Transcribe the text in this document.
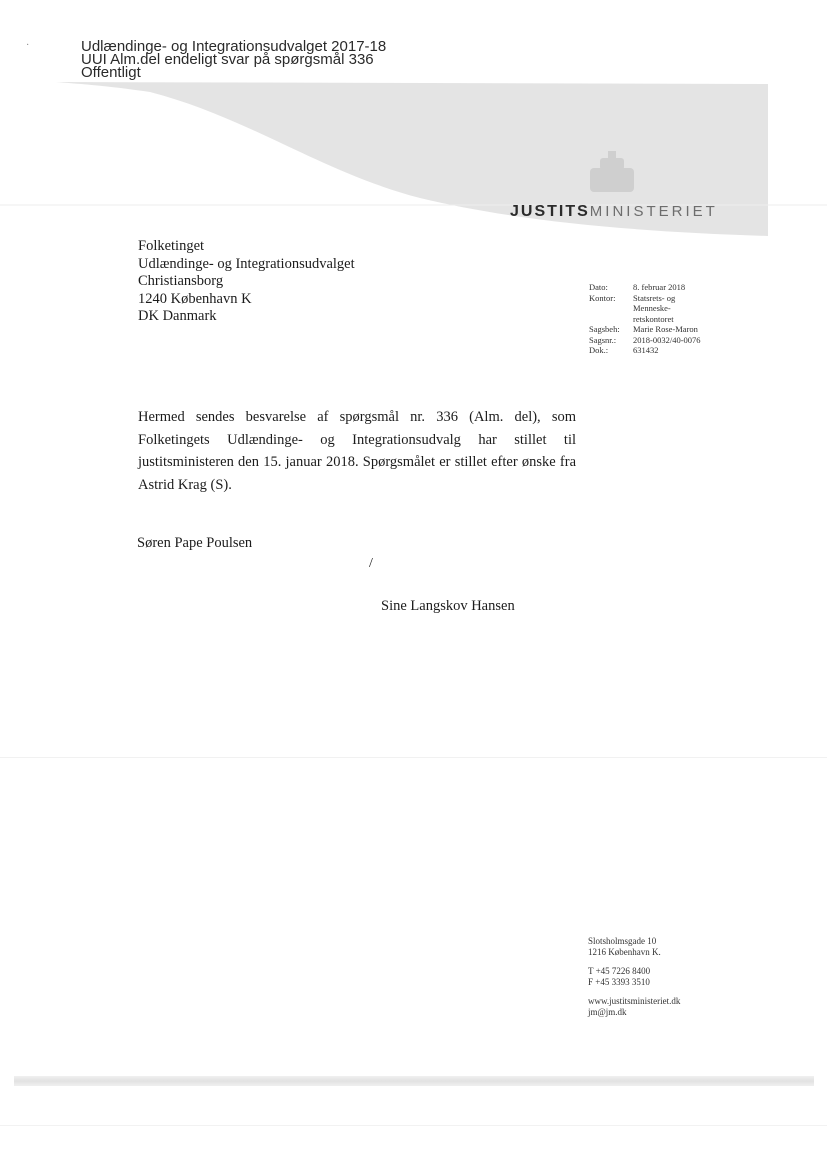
·	Udlændinge- og Integrationsudvalget 2017-18
UUI Alm.del endeligt svar på spørgsmål 336
Offentligt
JUSTITSMINISTERIET
Folketinget
Udlændinge- og Integrationsudvalget
Christiansborg
1240 København K
DK Danmark
Dato:	8. februar 2018
Kontor:	Statsrets- og Menneske-
retskontoret
Sagsbeh:	Marie Rose-Maron
Sagsnr.:	2018-0032/40-0076
Dok.:	631432
Hermed sendes besvarelse af spørgsmål nr. 336 (Alm. del), som Folketingets Udlændinge- og Integrationsudvalg har stillet til justitsministeren den 15. januar 2018. Spørgsmålet er stillet efter ønske fra Astrid Krag (S).
Søren Pape Poulsen
/
Sine Langskov Hansen
Slotsholmsgade 10
1216 København K.
T +45 7226 8400
F +45 3393 3510
www.justitsministeriet.dk
jm@jm.dk
